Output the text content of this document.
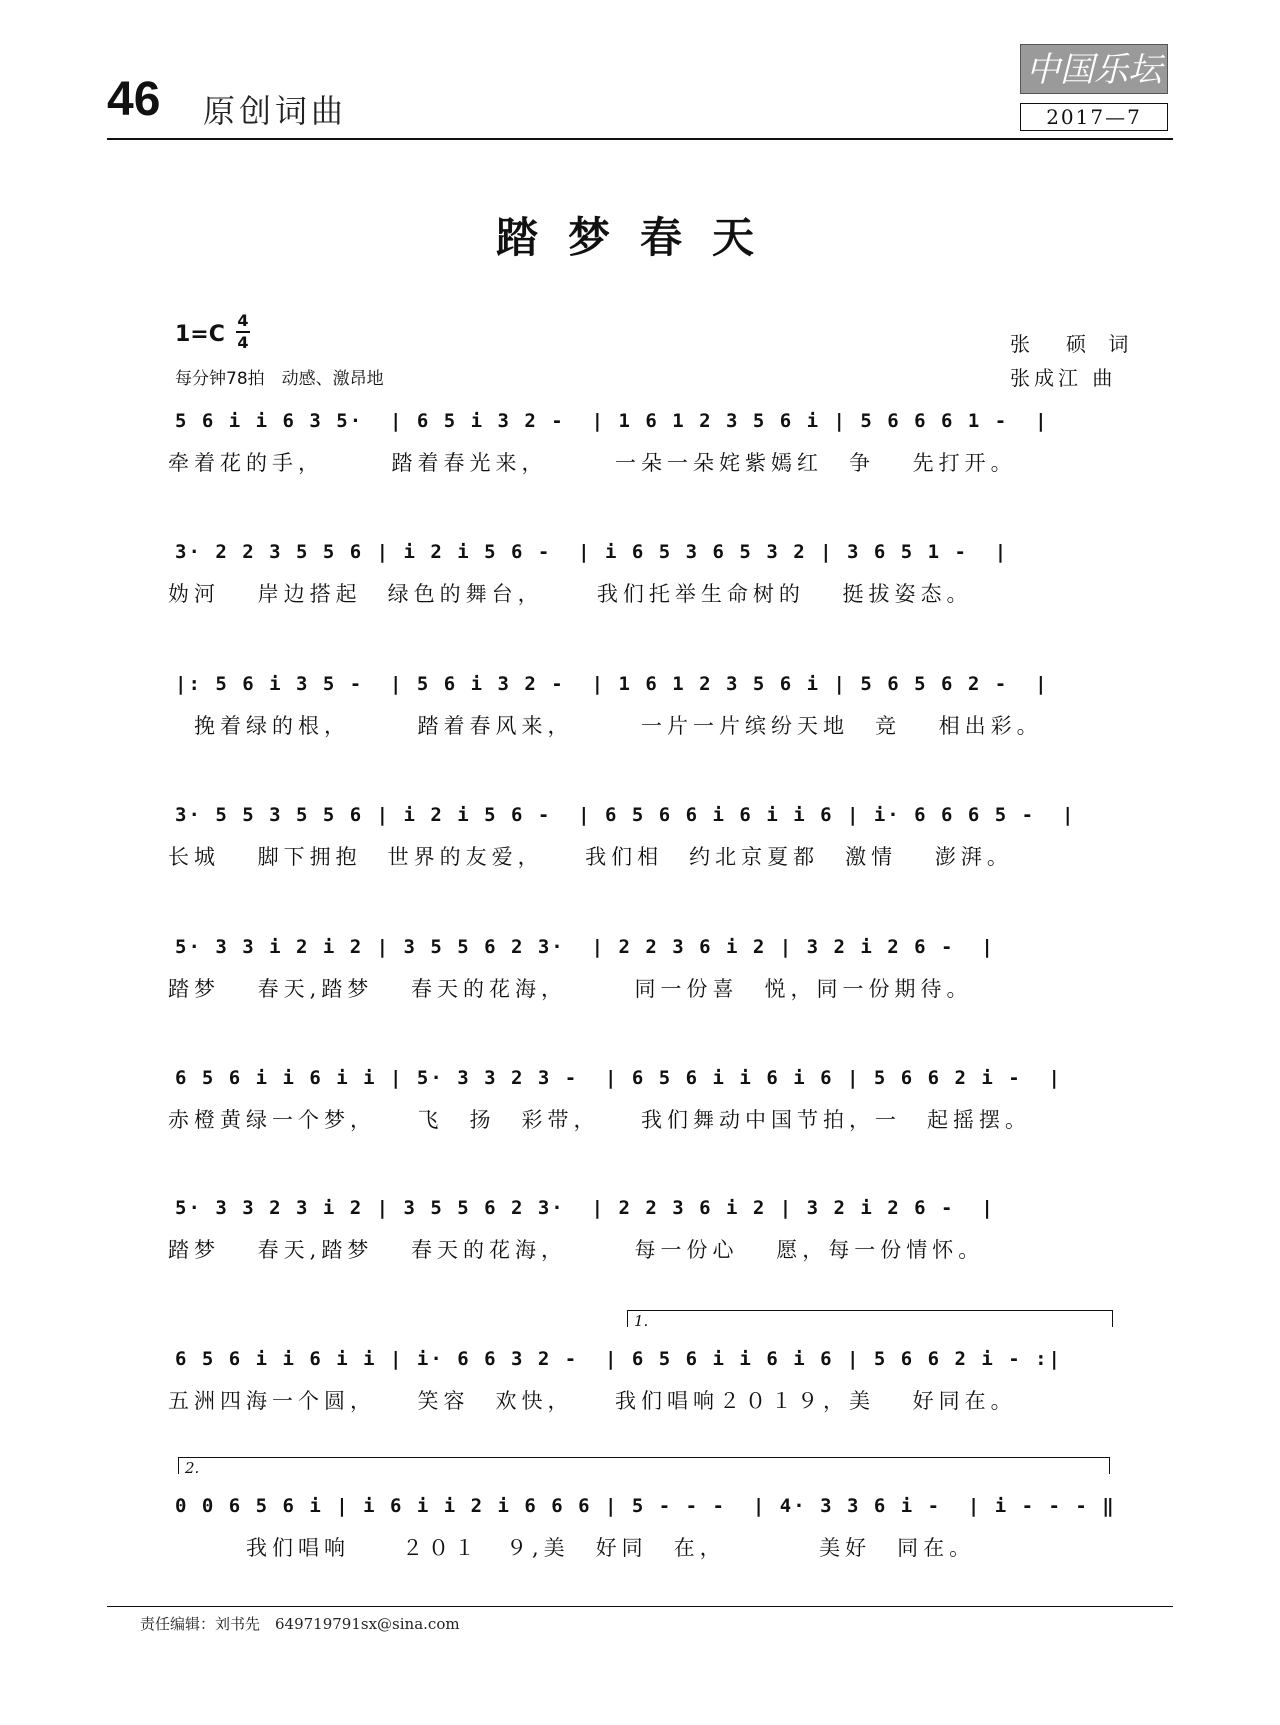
46 原创词曲
中国乐坛
2017—7
踏梦春天
1=C
4
4
每分钟78拍　动感、激昂地
张　硕 词
张成江 曲
5 6 i i 6 3 5·  | 6 5 i 3 2 -  | 1 6 1 2 3 5 6 i | 5 6 6 6 1 -  |
牵着花的手，　　　踏着春光来，　　　一朵一朵姹紫嫣红　争　 先打开。
3· 2 2 3 5 5 6 | i 2 i 5 6 -  | i 6 5 3 6 5 3 2 | 3 6 5 1 -  |
妫河　 岸边搭起　绿色的舞台，　　 我们托举生命树的　 挺拔姿态。
|: 5 6 i 3 5 -  | 5 6 i 3 2 -  | 1 6 1 2 3 5 6 i | 5 6 5 6 2 -  |
　挽着绿的根，　　　踏着春风来，　　　一片一片缤纷天地　竞　 相出彩。
3· 5 5 3 5 5 6 | i 2 i 5 6 -  | 6 5 6 6 i 6 i i 6 | i· 6 6 6 5 -  |
长城　 脚下拥抱　世界的友爱，　　我们相　约北京夏都　激情　 澎湃。
5· 3 3 i 2 i 2 | 3 5 5 6 2 3·  | 2 2 3 6 i 2 | 3 2 i 2 6 -  |
踏梦　 春天,踏梦　 春天的花海，　　　同一份喜　悦，同一份期待。
6 5 6 i i 6 i i | 5· 3 3 2 3 -  | 6 5 6 i i 6 i 6 | 5 6 6 2 i -  |
赤橙黄绿一个梦，　　飞　扬　彩带，　　我们舞动中国节拍，一　起摇摆。
5· 3 3 2 3 i 2 | 3 5 5 6 2 3·  | 2 2 3 6 i 2 | 3 2 i 2 6 -  |
踏梦　 春天,踏梦　 春天的花海，　　　每一份心　 愿，每一份情怀。
1.
6 5 6 i i 6 i i | i· 6 6 3 2 -  | 6 5 6 i i 6 i 6 | 5 6 6 2 i - :|
五洲四海一个圆，　　笑容　欢快，　　我们唱响２０１９，美　 好同在。
2.
0 0 6 5 6 i | i 6 i i 2 i 6 6 6 | 5 - - -  | 4· 3 3 6 i -  | i - - - ‖
　　　我们唱响　　２０１　９,美　好同　在，　　　　美好　同在。
责任编辑：刘书先　649719791sx@sina.com
